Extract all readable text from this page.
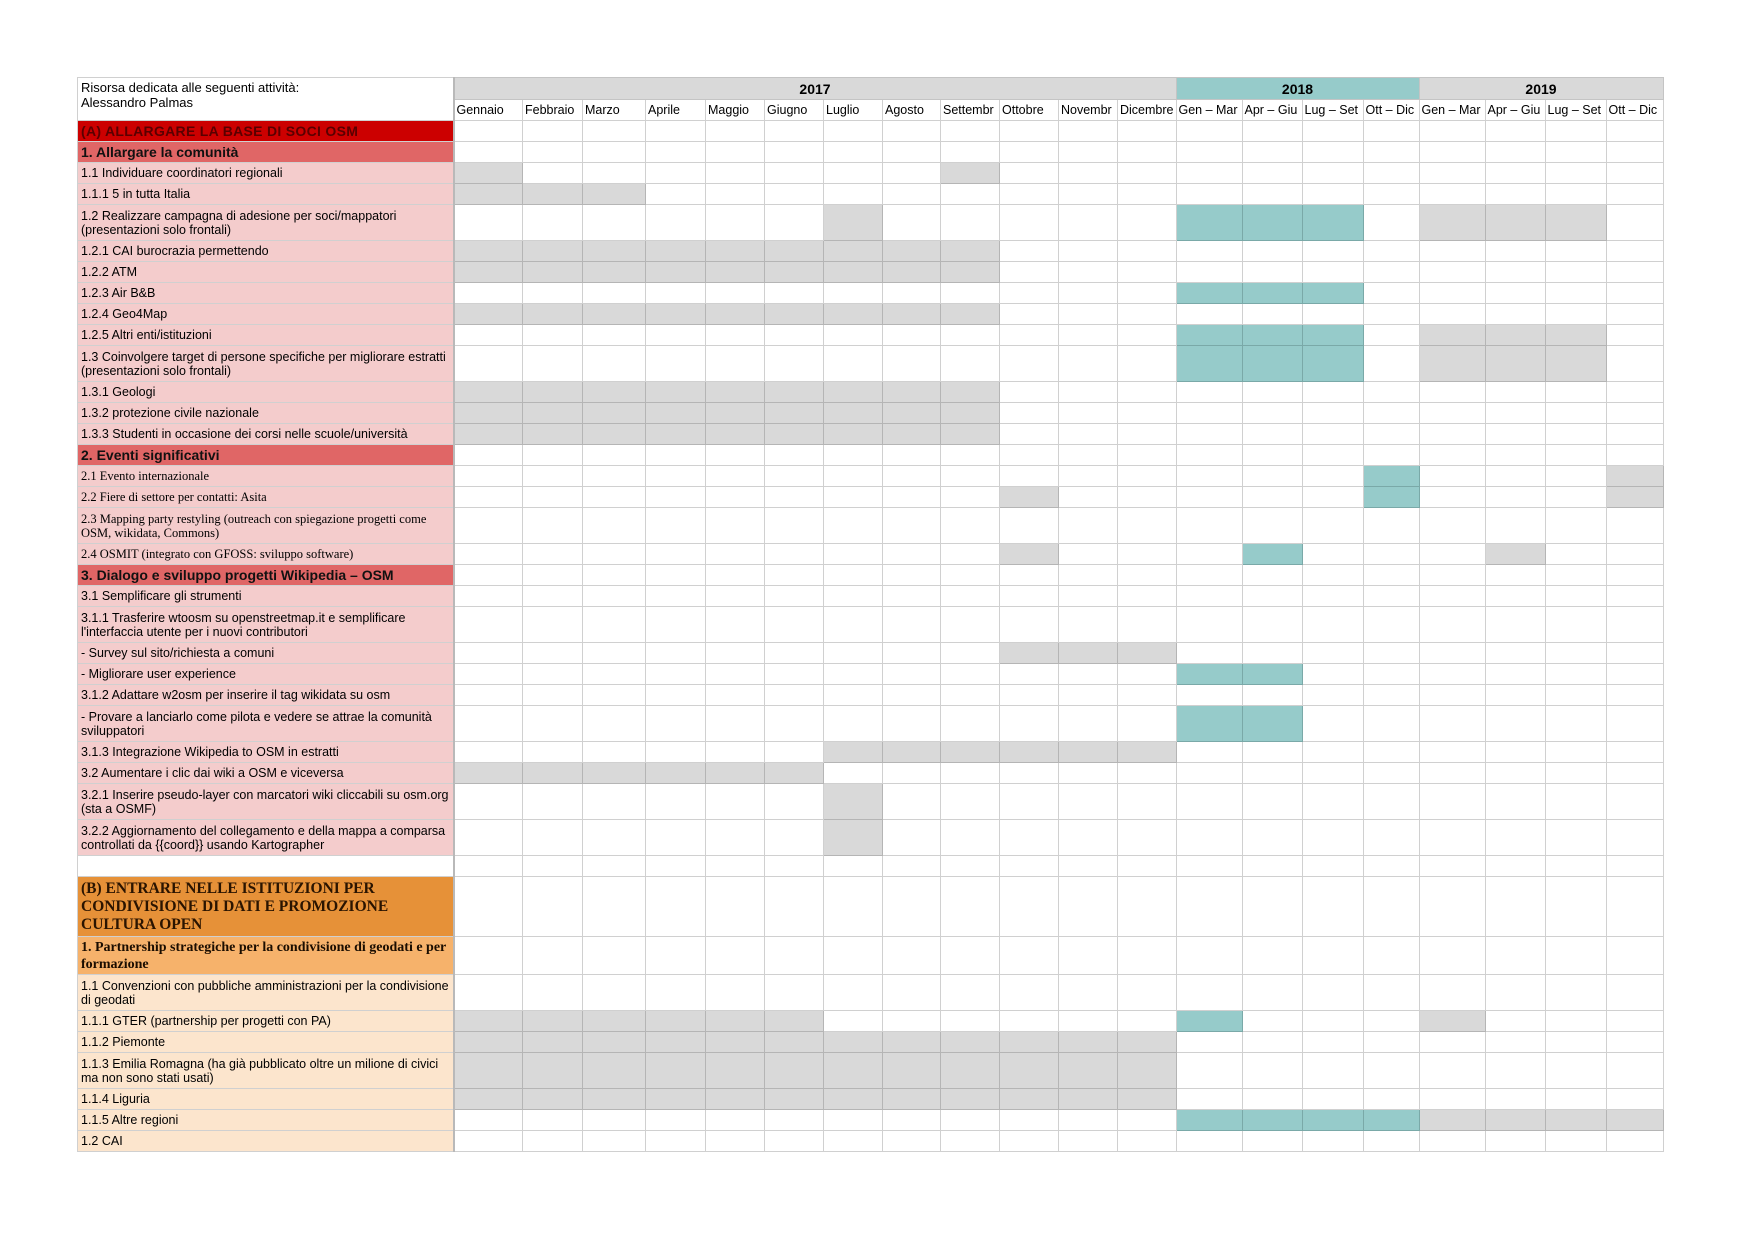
Risorsa dedicata alle seguenti attività:
Alessandro Palmas	2017												2018				2019			
	Gennaio	Febbraio	Marzo	Aprile	Maggio	Giugno	Luglio	Agosto	Settembr	Ottobre	Novembr	Dicembre	Gen – Mar	Apr – Giu	Lug – Set	Ott – Dic	Gen – Mar	Apr – Giu	Lug – Set	Ott – Dic
(A) ALLARGARE LA BASE DI SOCI OSM																				
1. Allargare la comunità																				
1.1 Individuare coordinatori regionali																				
1.1.1 5 in tutta Italia																				
1.2 Realizzare campagna di adesione per soci/mappatori (presentazioni solo frontali)																				
1.2.1 CAI burocrazia permettendo																				
1.2.2 ATM																				
1.2.3 Air B&B																				
1.2.4 Geo4Map																				
1.2.5 Altri enti/istituzioni																				
1.3 Coinvolgere target di persone specifiche per migliorare estratti (presentazioni solo frontali)																				
1.3.1 Geologi																				
1.3.2 protezione civile nazionale																				
1.3.3 Studenti in occasione dei corsi nelle scuole/università																				
2. Eventi significativi																				
2.1 Evento internazionale																				
2.2 Fiere di settore per contatti: Asita																				
2.3 Mapping party restyling (outreach con spiegazione progetti come OSM, wikidata, Commons)																				
2.4 OSMIT (integrato con GFOSS: sviluppo software)																				
3. Dialogo e sviluppo progetti Wikipedia – OSM																				
3.1 Semplificare gli strumenti																				
3.1.1 Trasferire wtoosm su openstreetmap.it e semplificare l'interfaccia utente per i nuovi contributori																				
- Survey sul sito/richiesta a comuni																				
- Migliorare user experience																				
3.1.2 Adattare w2osm per inserire il tag wikidata su osm																				
- Provare a lanciarlo come pilota e vedere se attrae la comunità sviluppatori																				
3.1.3 Integrazione Wikipedia to OSM in estratti																				
3.2 Aumentare i clic dai wiki a OSM e viceversa																				
3.2.1 Inserire pseudo-layer con marcatori wiki cliccabili su osm.org (sta a OSMF)																				
3.2.2 Aggiornamento del collegamento e della mappa a comparsa controllati da {{coord}} usando Kartographer																				

(B) ENTRARE NELLE ISTITUZIONI PER CONDIVISIONE DI DATI E PROMOZIONE CULTURA OPEN																				
1. Partnership strategiche per la condivisione di geodati e per formazione																				
1.1 Convenzioni con pubbliche amministrazioni per la condivisione di geodati																				
1.1.1 GTER (partnership per progetti con PA)																				
1.1.2 Piemonte																				
1.1.3 Emilia Romagna (ha già pubblicato oltre un milione di civici ma non sono stati usati)																				
1.1.4 Liguria																				
1.1.5 Altre regioni																				
1.2 CAI																				
